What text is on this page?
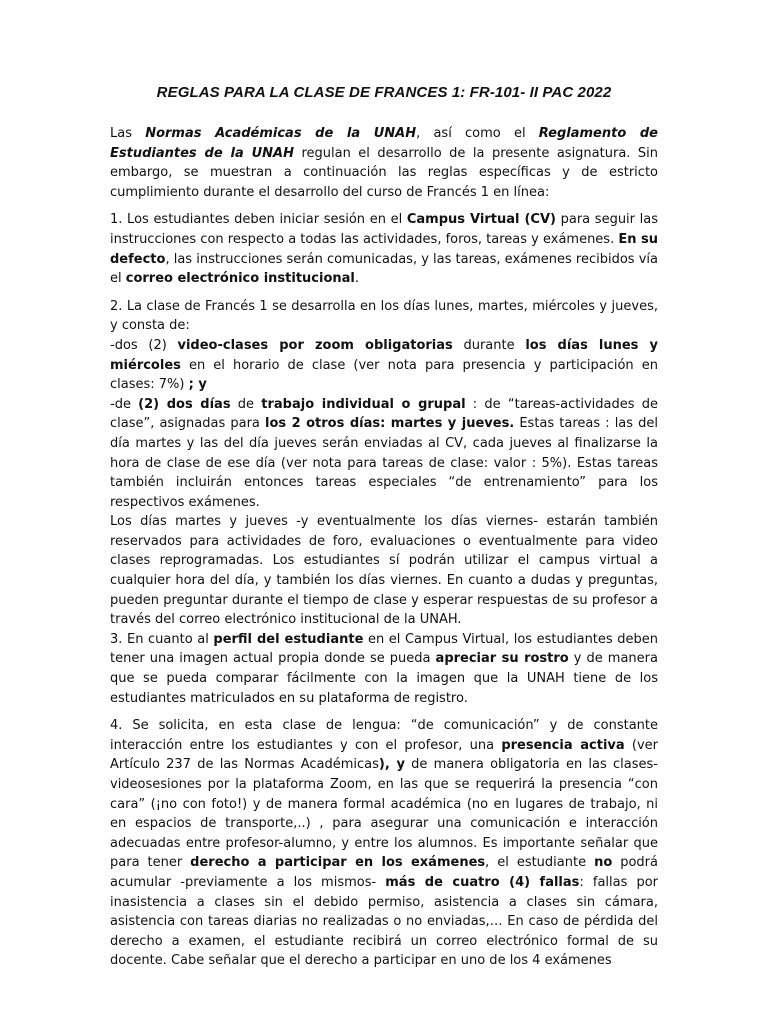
REGLAS PARA LA CLASE DE FRANCES 1: FR-101- II PAC 2022

Las Normas Académicas de la UNAH, así como el Reglamento de Estudiantes de la UNAH regulan el desarrollo de la presente asignatura. Sin embargo, se muestran a continuación las reglas específicas y de estricto cumplimiento durante el desarrollo del curso de Francés 1 en línea:

1. Los estudiantes deben iniciar sesión en el Campus Virtual (CV) para seguir las instrucciones con respecto a todas las actividades, foros, tareas y exámenes. En su defecto, las instrucciones serán comunicadas, y las tareas, exámenes recibidos vía el correo electrónico institucional.

2. La clase de Francés 1 se desarrolla en los días lunes, martes, miércoles y jueves, y consta de:

-dos (2) video-clases por zoom obligatorias durante los días lunes y miércoles en el horario de clase (ver nota para presencia y participación en clases: 7%) ; y

-de (2) dos días de trabajo individual o grupal : de “tareas-actividades de clase”, asignadas para los 2 otros días: martes y jueves. Estas tareas : las del día martes y las del día jueves serán enviadas al CV, cada jueves al finalizarse la hora de clase de ese día (ver nota para tareas de clase: valor : 5%). Estas tareas también incluirán entonces tareas especiales “de entrenamiento” para los respectivos exámenes.

Los días martes y jueves -y eventualmente los días viernes- estarán también reservados para actividades de foro, evaluaciones o eventualmente para video clases reprogramadas. Los estudiantes sí podrán utilizar el campus virtual a cualquier hora del día, y también los días viernes. En cuanto a dudas y preguntas, pueden preguntar durante el tiempo de clase y esperar respuestas de su profesor a través del correo electrónico institucional de la UNAH.

3. En cuanto al perfil del estudiante en el Campus Virtual, los estudiantes deben tener una imagen actual propia donde se pueda apreciar su rostro y de manera que se pueda comparar fácilmente con la imagen que la UNAH tiene de los estudiantes matriculados en su plataforma de registro.

4. Se solicita, en esta clase de lengua: “de comunicación” y de constante interacción entre los estudiantes y con el profesor, una presencia activa (ver Artículo 237 de las Normas Académicas), y de manera obligatoria en las clases-videosesiones por la plataforma Zoom, en las que se requerirá la presencia “con cara” (¡no con foto!) y de manera formal académica (no en lugares de trabajo, ni en espacios de transporte,..) , para asegurar una comunicación e interacción adecuadas entre profesor-alumno, y entre los alumnos. Es importante señalar que para tener derecho a participar en los exámenes, el estudiante no podrá acumular -previamente a los mismos- más de cuatro (4) fallas: fallas por inasistencia a clases sin el debido permiso, asistencia a clases sin cámara, asistencia con tareas diarias no realizadas o no enviadas,… En caso de pérdida del derecho a examen, el estudiante recibirá un correo electrónico formal de su docente. Cabe señalar que el derecho a participar en uno de los 4 exámenes
